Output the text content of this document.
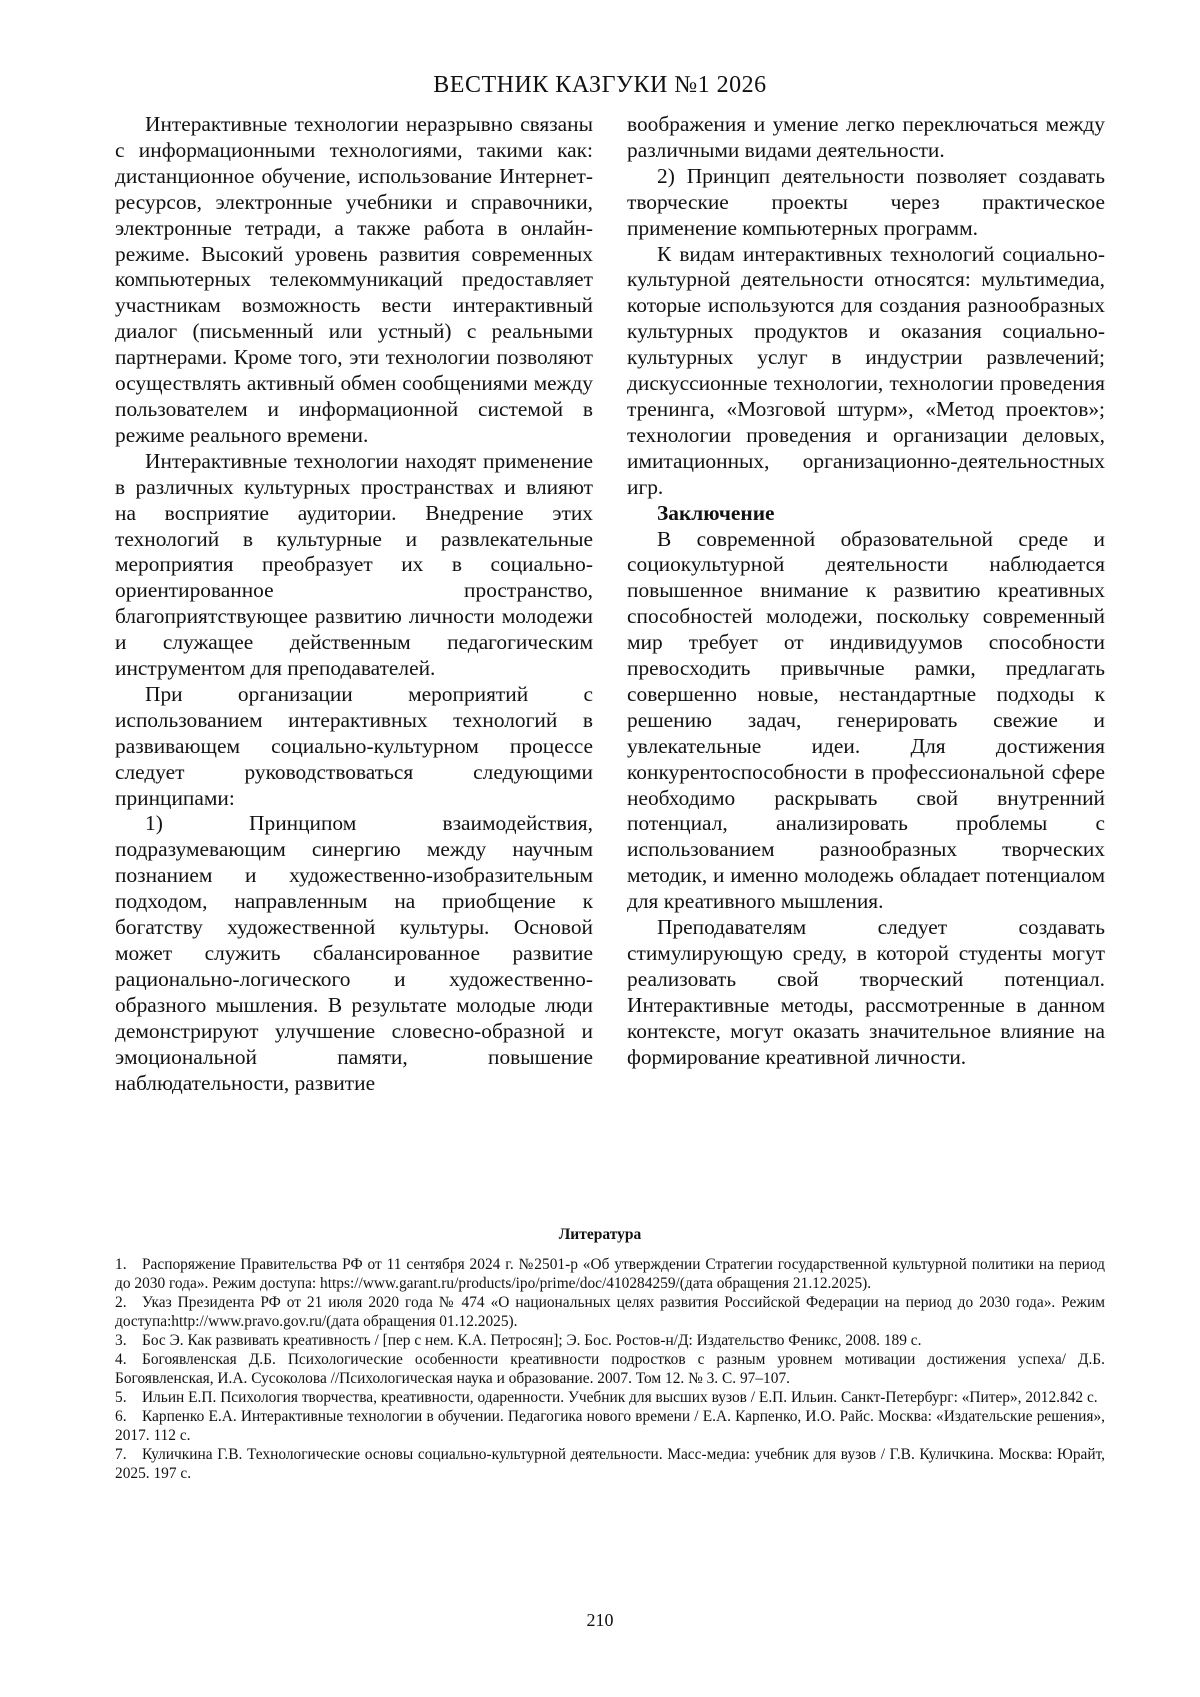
ВЕСТНИК КАЗГУКИ №1 2026

Интерактивные технологии неразрывно связаны с информационными технологиями, такими как: дистанционное обучение, использование Интернет-ресурсов, электронные учебники и справочники, электронные тетради, а также работа в онлайн-режиме. Высокий уровень развития современных компьютерных телекоммуникаций предоставляет участникам возможность вести интерактивный диалог (письменный или устный) с реальными партнерами. Кроме того, эти технологии позволяют осуществлять активный обмен сообщениями между пользователем и информационной системой в режиме реального времени.

Интерактивные технологии находят применение в различных культурных пространствах и влияют на восприятие аудитории. Внедрение этих технологий в культурные и развлекательные мероприятия преобразует их в социально-ориентированное пространство, благоприятствующее развитию личности молодежи и служащее действенным педагогическим инструментом для преподавателей.

При организации мероприятий с использованием интерактивных технологий в развивающем социально-культурном процессе следует руководствоваться следующими принципами:

1) Принципом взаимодействия, подразумевающим синергию между научным познанием и художественно-изобразительным подходом, направленным на приобщение к богатству художественной культуры. Основой может служить сбалансированное развитие рационально-логического и художественно-образного мышления. В результате молодые люди демонстрируют улучшение словесно-образной и эмоциональной памяти, повышение наблюдательности, развитие

воображения и умение легко переключаться между различными видами деятельности.

2) Принцип деятельности позволяет создавать творческие проекты через практическое применение компьютерных программ.

К видам интерактивных технологий социально-культурной деятельности относятся: мультимедиа, которые используются для создания разнообразных культурных продуктов и оказания социально-культурных услуг в индустрии развлечений; дискуссионные технологии, технологии проведения тренинга, «Мозговой штурм», «Метод проектов»; технологии проведения и организации деловых, имитационных, организационно-деятельностных игр.

Заключение

В современной образовательной среде и социокультурной деятельности наблюдается повышенное внимание к развитию креативных способностей молодежи, поскольку современный мир требует от индивидуумов способности превосходить привычные рамки, предлагать совершенно новые, нестандартные подходы к решению задач, генерировать свежие и увлекательные идеи. Для достижения конкурентоспособности в профессиональной сфере необходимо раскрывать свой внутренний потенциал, анализировать проблемы с использованием разнообразных творческих методик, и именно молодежь обладает потенциалом для креативного мышления.

Преподавателям следует создавать стимулирующую среду, в которой студенты могут реализовать свой творческий потенциал. Интерактивные методы, рассмотренные в данном контексте, могут оказать значительное влияние на формирование креативной личности.

Литература

1. Распоряжение Правительства РФ от 11 сентября 2024 г. №2501-р «Об утверждении Стратегии государственной культурной политики на период до 2030 года». Режим доступа: https://www.garant.ru/products/ipo/prime/doc/410284259/(дата обращения 21.12.2025).

2. Указ Президента РФ от 21 июля 2020 года № 474 «О национальных целях развития Российской Федерации на период до 2030 года». Режим доступа:http://www.pravo.gov.ru/(дата обращения 01.12.2025).

3. Бос Э. Как развивать креативность / [пер с нем. К.А. Петросян]; Э. Бос. Ростов-н/Д: Издательство Феникс, 2008. 189 с.

4. Богоявленская Д.Б. Психологические особенности креативности подростков с разным уровнем мотивации достижения успеха/ Д.Б. Богоявленская, И.А. Сусоколова //Психологическая наука и образование. 2007. Том 12. № 3. С. 97–107.

5. Ильин Е.П. Психология творчества, креативности, одаренности. Учебник для высших вузов / Е.П. Ильин. Санкт-Петербург: «Питер», 2012.842 с.

6. Карпенко Е.А. Интерактивные технологии в обучении. Педагогика нового времени / Е.А. Карпенко, И.О. Райс. Москва: «Издательские решения», 2017. 112 с.

7. Куличкина Г.В. Технологические основы социально-культурной деятельности. Масс-медиа: учебник для вузов / Г.В. Куличкина. Москва: Юрайт, 2025. 197 с.

210
